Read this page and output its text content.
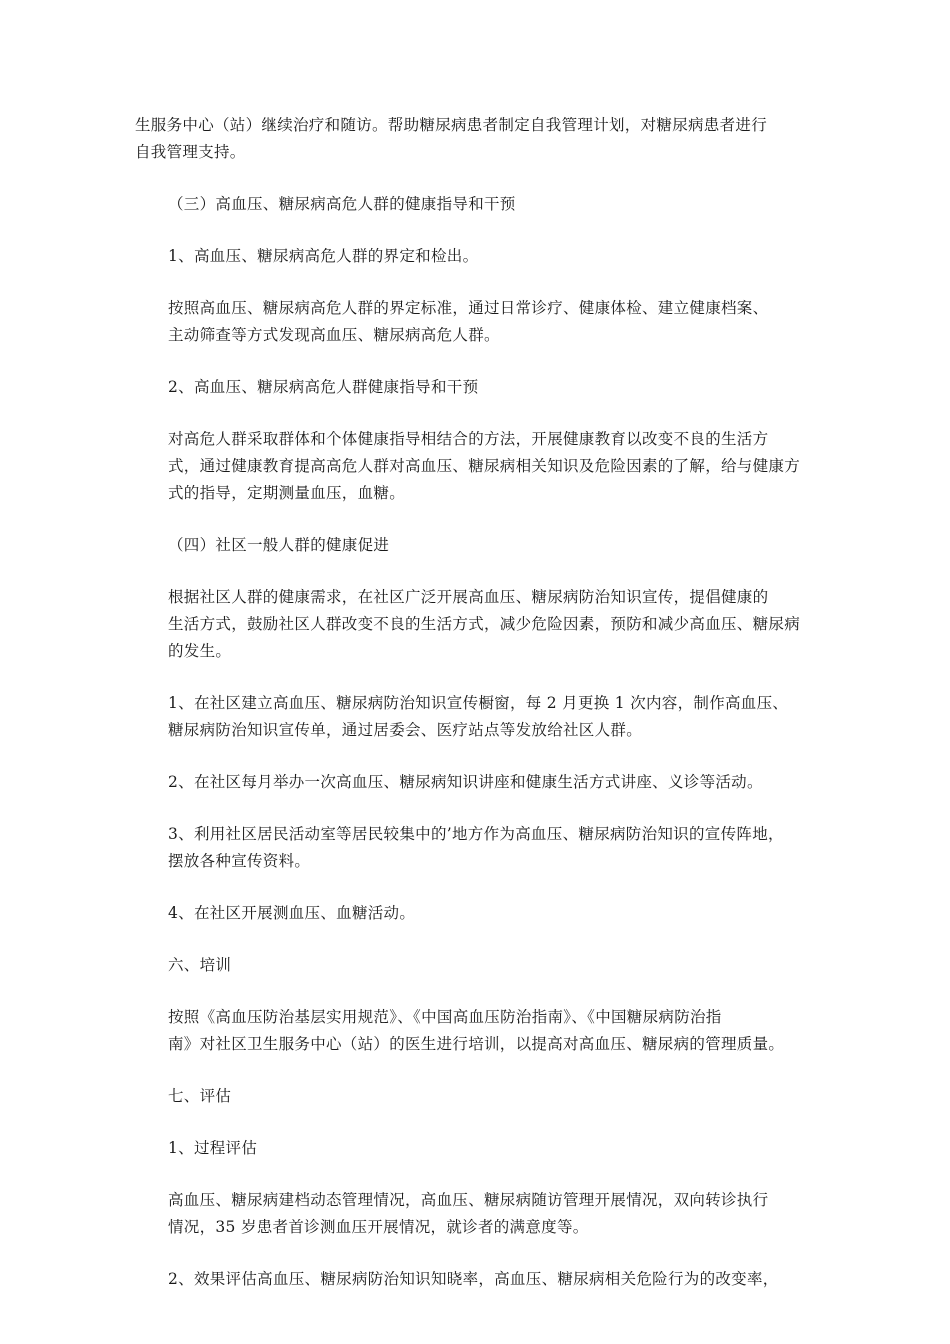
生服务中心（站）继续治疗和随访。帮助糖尿病患者制定自我管理计划，对糖尿病患者进行
自我管理支持。

（三）高血压、糖尿病高危人群的健康指导和干预

1、高血压、糖尿病高危人群的界定和检出。

按照高血压、糖尿病高危人群的界定标准，通过日常诊疗、健康体检、建立健康档案、
主动筛查等方式发现高血压、糖尿病高危人群。

2、高血压、糖尿病高危人群健康指导和干预

对高危人群采取群体和个体健康指导相结合的方法，开展健康教育以改变不良的生活方
式，通过健康教育提高高危人群对高血压、糖尿病相关知识及危险因素的了解，给与健康方
式的指导，定期测量血压，血糖。

（四）社区一般人群的健康促进

根据社区人群的健康需求，在社区广泛开展高血压、糖尿病防治知识宣传，提倡健康的
生活方式，鼓励社区人群改变不良的生活方式，减少危险因素，预防和减少高血压、糖尿病
的发生。

1、在社区建立高血压、糖尿病防治知识宣传橱窗，每 2 月更换 1 次内容，制作高血压、
糖尿病防治知识宣传单，通过居委会、医疗站点等发放给社区人群。

2、在社区每月举办一次高血压、糖尿病知识讲座和健康生活方式讲座、义诊等活动。

3、利用社区居民活动室等居民较集中的’地方作为高血压、糖尿病防治知识的宣传阵地，
摆放各种宣传资料。

4、在社区开展测血压、血糖活动。

六、培训

按照《高血压防治基层实用规范》、《中国高血压防治指南》、《中国糖尿病防治指
南》对社区卫生服务中心（站）的医生进行培训，以提高对高血压、糖尿病的管理质量。

七、评估

1、过程评估

高血压、糖尿病建档动态管理情况，高血压、糖尿病随访管理开展情况，双向转诊执行
情况，35 岁患者首诊测血压开展情况，就诊者的满意度等。

2、效果评估高血压、糖尿病防治知识知晓率，高血压、糖尿病相关危险行为的改变率，
